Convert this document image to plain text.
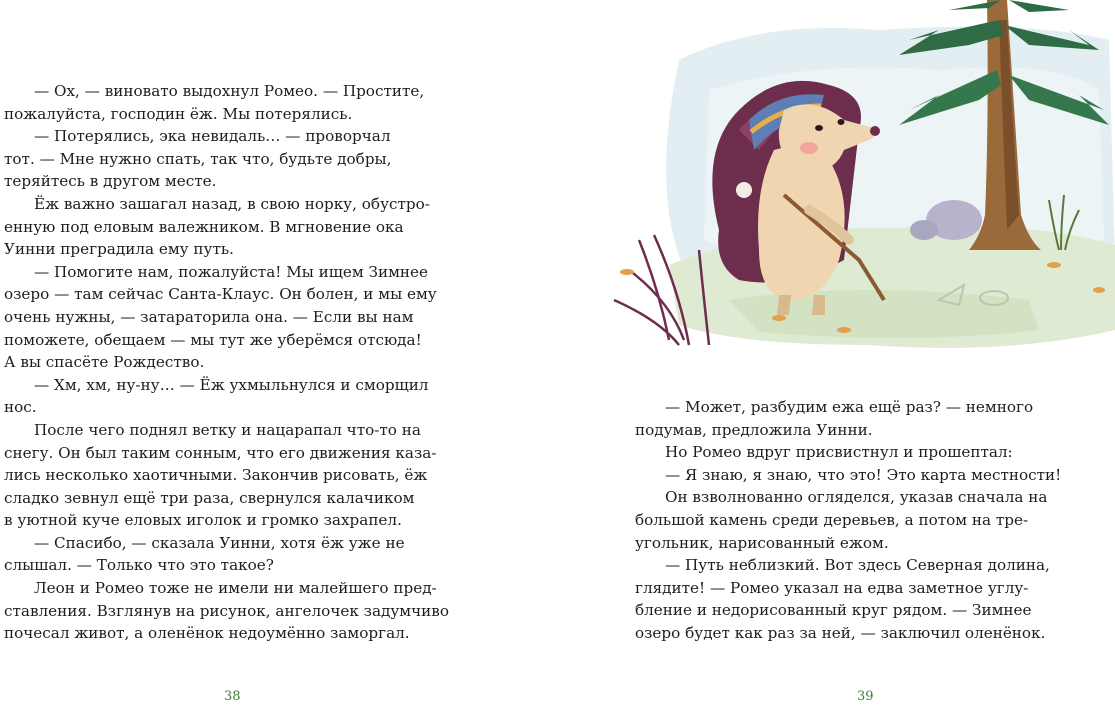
— Ох, — виновато выдохнул Ромео. — Простите,
пожалуйста, господин ёж. Мы потерялись.
— Потерялись, эка невидаль… — проворчал
тот. — Мне нужно спать, так что, будьте добры,
теряйтесь в другом месте.
Ёж важно зашагал назад, в свою норку, обустро-
енную под еловым валежником. В мгновение ока
Уинни преградила ему путь.
— Помогите нам, пожалуйста! Мы ищем Зимнее
озеро — там сейчас Санта-Клаус. Он болен, и мы ему
очень нужны, — затараторила она. — Если вы нам
поможете, обещаем — мы тут же уберёмся отсюда!
А вы спасёте Рождество.
— Хм, хм, ну-ну… — Ёж ухмыльнулся и сморщил
нос.
После чего поднял ветку и нацарапал что-то на
снегу. Он был таким сонным, что его движения каза-
лись несколько хаотичными. Закончив рисовать, ёж
сладко зевнул ещё три раза, свернулся калачиком
в уютной куче еловых иголок и громко захрапел.
— Спасибо, — сказала Уинни, хотя ёж уже не
слышал. — Только что это такое?
Леон и Ромео тоже не имели ни малейшего пред-
ставления. Взглянув на рисунок, ангелочек задумчиво
почесал живот, а оленёнок недоумённо заморгал.
38
— Может, разбудим ежа ещё раз? — немного
подумав, предложила Уинни.
Но Ромео вдруг присвистнул и прошептал:
— Я знаю, я знаю, что это! Это карта местности!
Он взволнованно огляделся, указав сначала на
большой камень среди деревьев, а потом на тре-
угольник, нарисованный ежом.
— Путь неблизкий. Вот здесь Северная долина,
глядите! — Ромео указал на едва заметное углу-
бление и недорисованный круг рядом. — Зимнее
озеро будет как раз за ней, — заключил оленёнок.
39
